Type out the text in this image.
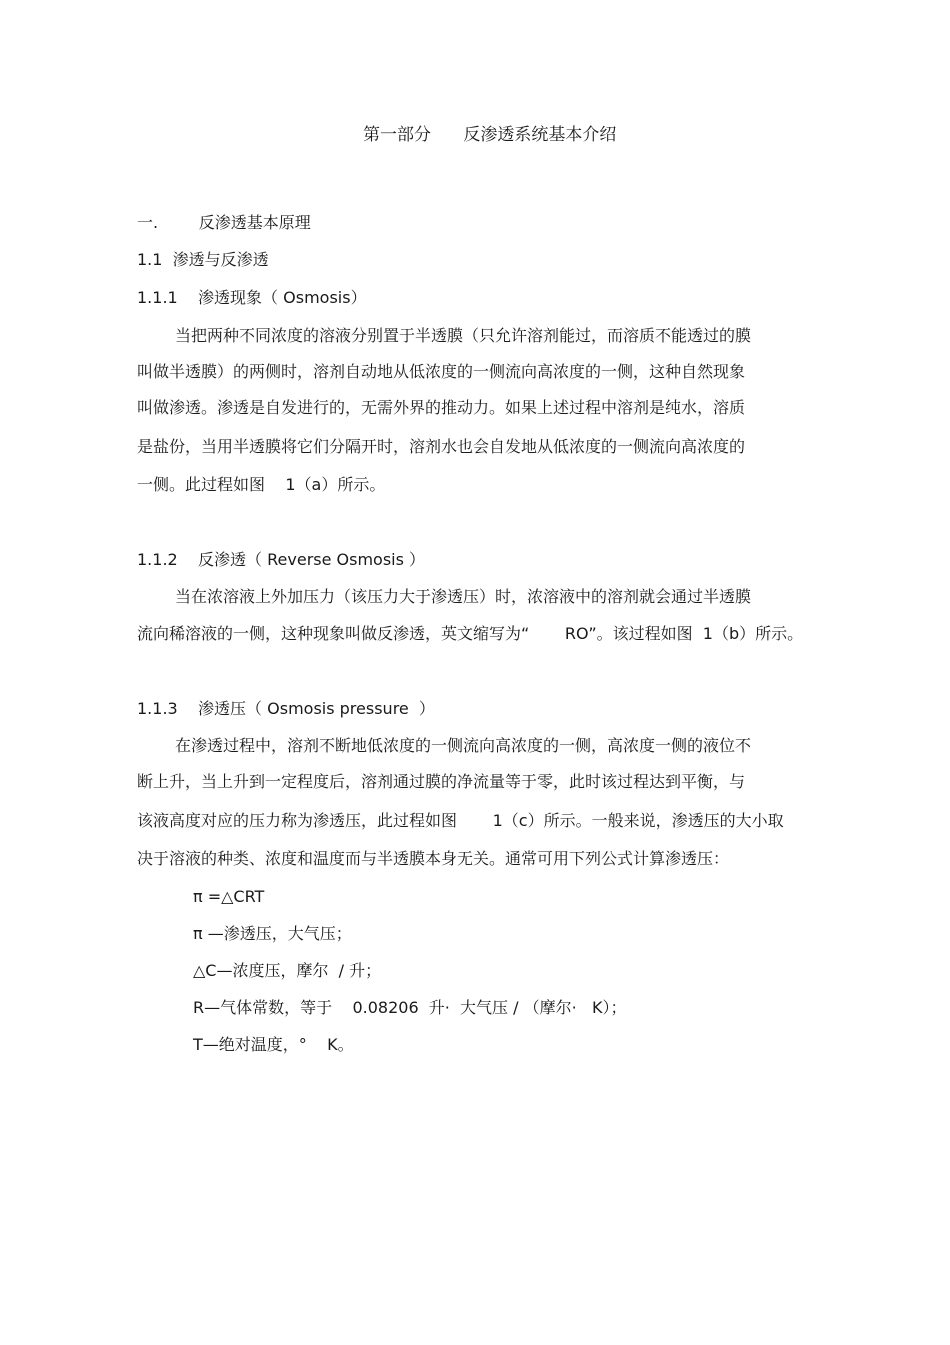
第一部分      反渗透系统基本介绍
一.        反渗透基本原理
1.1  渗透与反渗透
1.1.1    渗透现象（ Osmosis）
当把两种不同浓度的溶液分别置于半透膜（只允许溶剂能过，而溶质不能透过的膜
叫做半透膜）的两侧时，溶剂自动地从低浓度的一侧流向高浓度的一侧，这种自然现象
叫做渗透。渗透是自发进行的，无需外界的推动力。如果上述过程中溶剂是纯水，溶质
是盐份，当用半透膜将它们分隔开时，溶剂水也会自发地从低浓度的一侧流向高浓度的
一侧。此过程如图    1（a）所示。
1.1.2    反渗透（ Reverse Osmosis ）
当在浓溶液上外加压力（该压力大于渗透压）时，浓溶液中的溶剂就会通过半透膜
流向稀溶液的一侧，这种现象叫做反渗透，英文缩写为“       RO”。该过程如图  1（b）所示。
1.1.3    渗透压（ Osmosis pressure  ）
在渗透过程中，溶剂不断地低浓度的一侧流向高浓度的一侧，高浓度一侧的液位不
断上升，当上升到一定程度后，溶剂通过膜的净流量等于零，此时该过程达到平衡，与
该液高度对应的压力称为渗透压，此过程如图       1（c）所示。一般来说，渗透压的大小取
决于溶液的种类、浓度和温度而与半透膜本身无关。通常可用下列公式计算渗透压：
π =△CRT
π —渗透压，大气压；
△C—浓度压，摩尔  / 升；
R—气体常数，等于    0.08206  升·  大气压 / （摩尔·   K）；
T—绝对温度，°    K。
